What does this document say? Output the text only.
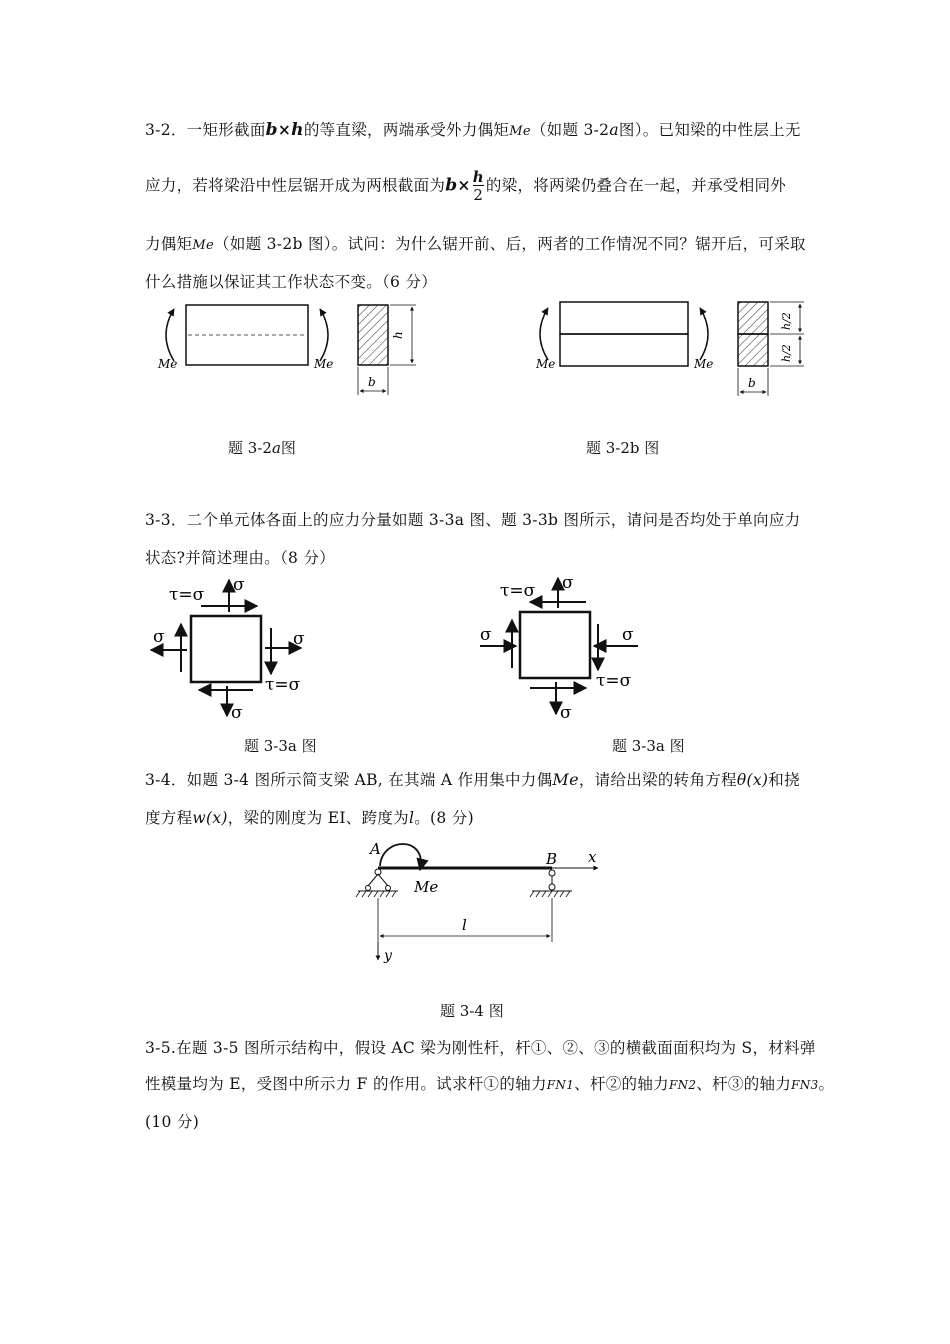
3-2．一矩形截面b×h的等直梁，两端承受外力偶矩Me（如题 3-2a图）。已知梁的中性层上无
应力，若将梁沿中性层锯开成为两根截面为$b\times \frac{h}{2}$ 的梁，将两梁仍叠合在一起，并承受相同外
力偶矩Me（如题 3-2b 图）。试问：为什么锯开前、后，两者的工作情况不同？锯开后，可采取
什么措施以保证其工作状态不变。（6 分）
Me	Me
h
b
Me	Me
h/2
h/2
b
题 3-2a图	题 3-2b 图
3-3．二个单元体各面上的应力分量如题 3-3a 图、题 3-3b 图所示，请问是否均处于单向应力
状态?并简述理由。（8 分）
τ=σ σ
σ	σ
τ=σ
σ
τ=σ σ
σ	σ
τ=σ
σ
题 3-3a 图	题 3-3a 图
3-4．如题 3-4 图所示简支梁 AB, 在其端 A 作用集中力偶Me，请给出梁的转角方程θ(x)和挠
度方程w(x)，梁的刚度为 EI、跨度为l。(8 分)
x
A
B
Me
l
y
题 3-4 图
3-5.在题 3-5 图所示结构中，假设 AC 梁为刚性杆，杆①、②、③的横截面面积均为 S，材料弹
性模量均为 E，受图中所示力 F 的作用。试求杆①的轴力FN1、杆②的轴力FN2、杆③的轴力FN3。
(10 分)
